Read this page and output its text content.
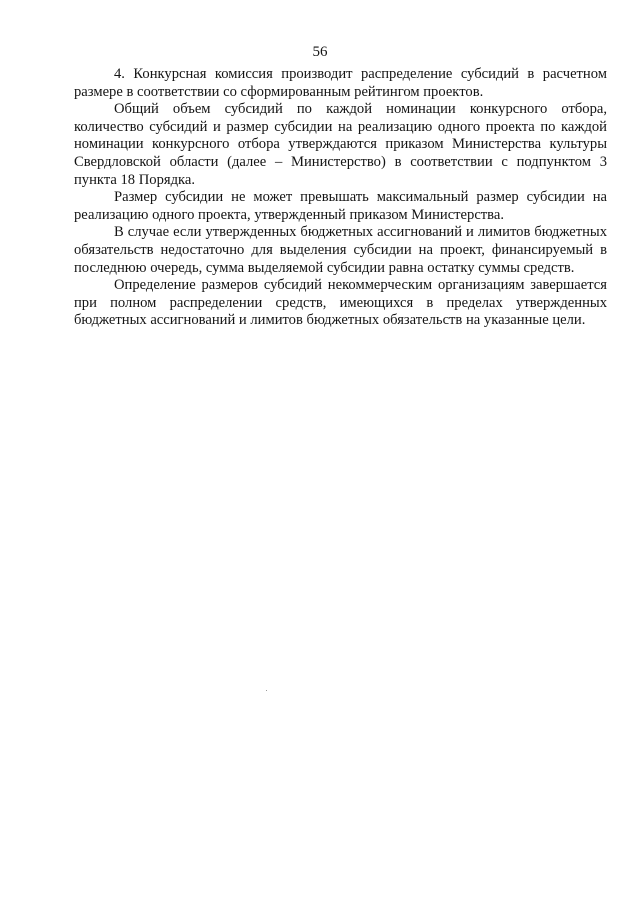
56

4. Конкурсная комиссия производит распределение субсидий в расчетном размере в соответствии со сформированным рейтингом проектов.

Общий объем субсидий по каждой номинации конкурсного отбора, количество субсидий и размер субсидии на реализацию одного проекта по каждой номинации конкурсного отбора утверждаются приказом Министерства культуры Свердловской области (далее – Министерство) в соответствии с подпунктом 3 пункта 18 Порядка.

Размер субсидии не может превышать максимальный размер субсидии на реализацию одного проекта, утвержденный приказом Министерства.

В случае если утвержденных бюджетных ассигнований и лимитов бюджетных обязательств недостаточно для выделения субсидии на проект, финансируемый в последнюю очередь, сумма выделяемой субсидии равна остатку суммы средств.

Определение размеров субсидий некоммерческим организациям завершается при полном распределении средств, имеющихся в пределах утвержденных бюджетных ассигнований и лимитов бюджетных обязательств на указанные цели.
